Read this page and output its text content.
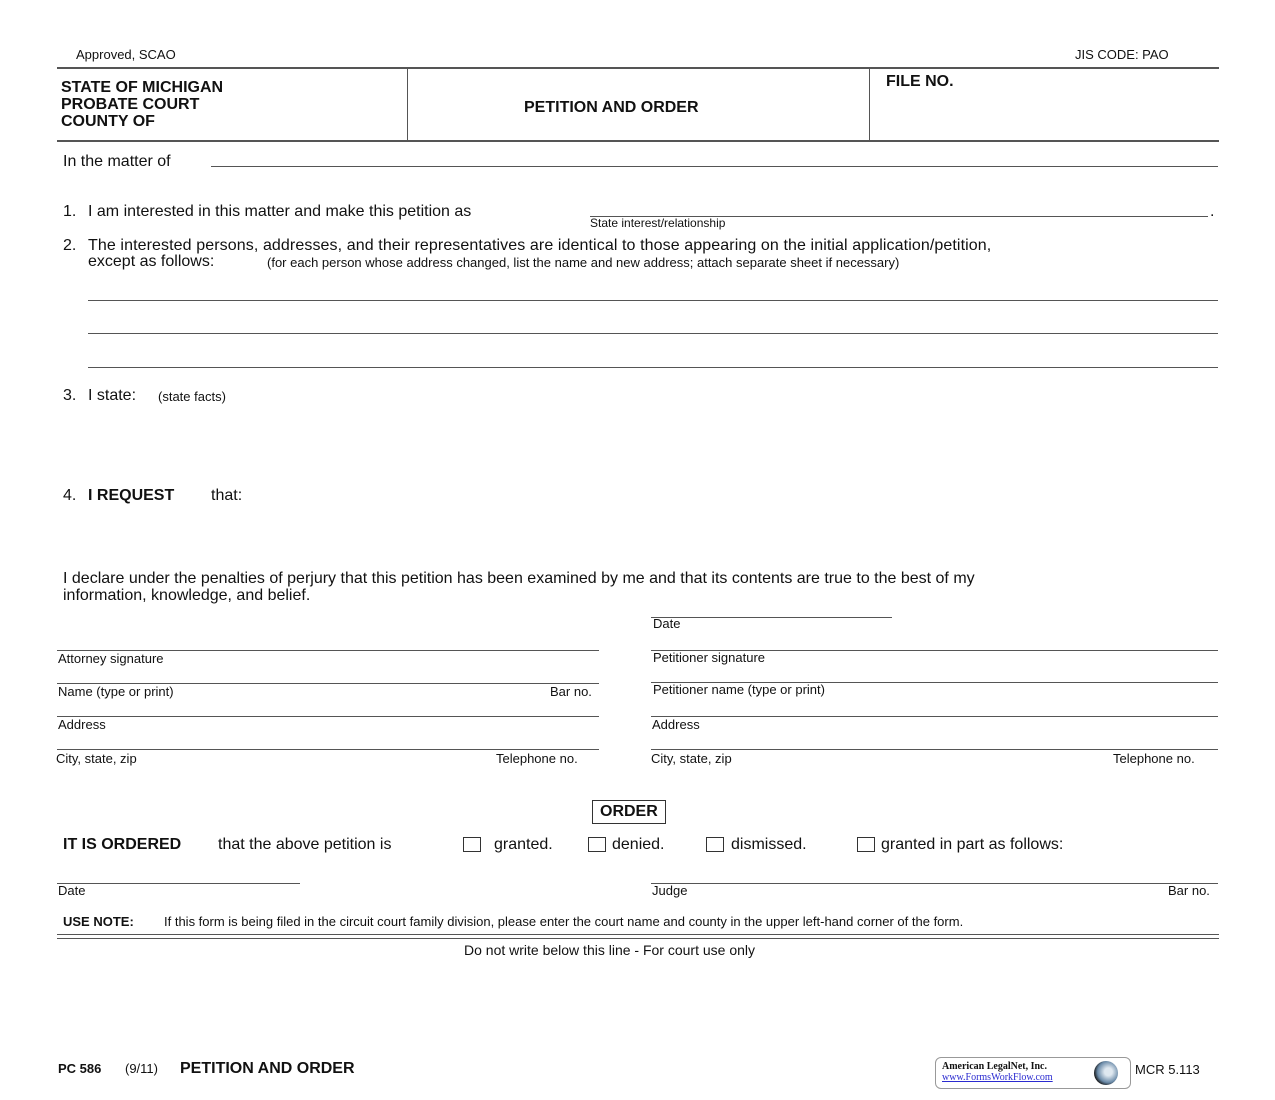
Approved, SCAO	JIS CODE: PAO
STATE OF MICHIGAN
PROBATE COURT
COUNTY OF
PETITION AND ORDER
FILE NO.
In the matter of
1. I am interested in this matter and make this petition as
State interest/relationship
.
2. The interested persons, addresses, and their representatives are identical to those appearing on the initial application/petition,
except as follows:	(for each person whose address changed, list the name and new address; attach separate sheet if necessary)
3. I state: (state facts)
4. I REQUEST that:
I declare under the penalties of perjury that this petition has been examined by me and that its contents are true to the best of my
information, knowledge, and belief.
Date
Attorney signature	Petitioner signature
Name (type or print)	Bar no.	Petitioner name (type or print)
Address	Address
City, state, zip	Telephone no.	City, state, zip	Telephone no.
ORDER
IT IS ORDERED that the above petition is	granted.	denied.	dismissed.	granted in part as follows:
Date	Judge	Bar no.
USE NOTE: If this form is being filed in the circuit court family division, please enter the court name and county in the upper left-hand corner of the form.
Do not write below this line - For court use only
PC 586 (9/11) PETITION AND ORDER	American LegalNet, Inc.
www.FormsWorkFlow.com
MCR 5.113
